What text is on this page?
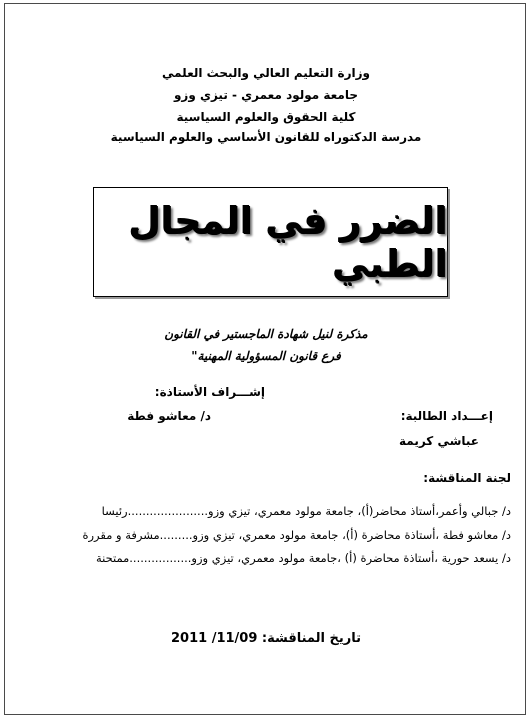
وزارة التعليم العالي والبحث العلمي
جامعة مولود معمري - تيزي وزو
كلية الحقوق والعلوم السياسية
مدرسة الدكتوراه للقانون الأساسي والعلوم السياسية
الضرر في المجال الطبي
مذكرة لنيل شهادة الماجستير في القانون
فرع قانون المسؤولية المهنية"
إشـــراف الأستاذة:
د/ معاشو فطة	إعـــداد الطالبة:
عباشي كريمة
لجنة المناقشة:
د/ جبالي وأعمر،أستاذ محاضر(أ)، جامعة مولود معمري، تيزي وزو......................رئيسا
د/ معاشو فطة ،أستاذة محاضرة (أ)، جامعة مولود معمري، تيزي وزو.........مشرفة و مقررة
د/ يسعد حورية ،أستاذة محاضرة (أ) ،جامعة مولود معمري، تيزي وزو.................ممتحنة
تاريخ المناقشة: 2011 /11/09
